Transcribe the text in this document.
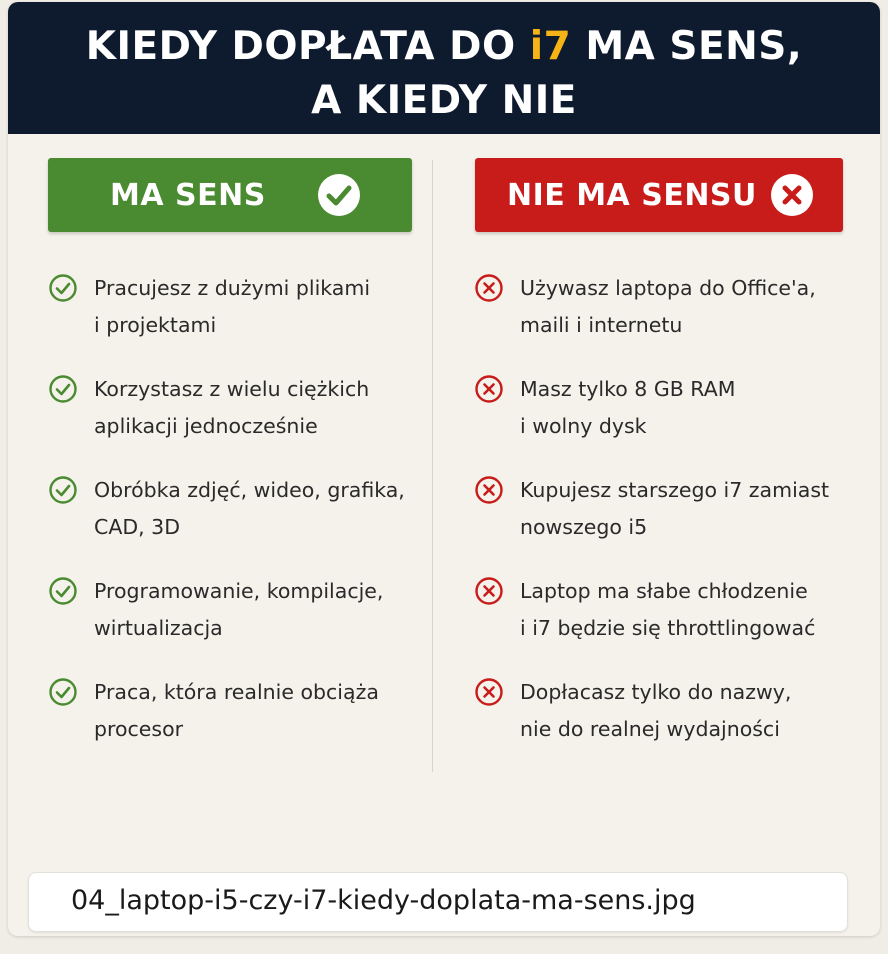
KIEDY DOPŁATA DO i7 MA SENS,
A KIEDY NIE
MA SENS	NIE MA SENSU
Pracujesz z dużymi plikami
i projektami
Korzystasz z wielu ciężkich
aplikacji jednocześnie
Obróbka zdjęć, wideo, grafika,
CAD, 3D
Programowanie, kompilacje,
wirtualizacja
Praca, która realnie obciąża
procesor
Używasz laptopa do Office'a,
maili i internetu
Masz tylko 8 GB RAM
i wolny dysk
Kupujesz starszego i7 zamiast
nowszego i5
Laptop ma słabe chłodzenie
i i7 będzie się throttlingować
Dopłacasz tylko do nazwy,
nie do realnej wydajności
04_laptop-i5-czy-i7-kiedy-doplata-ma-sens.jpg
